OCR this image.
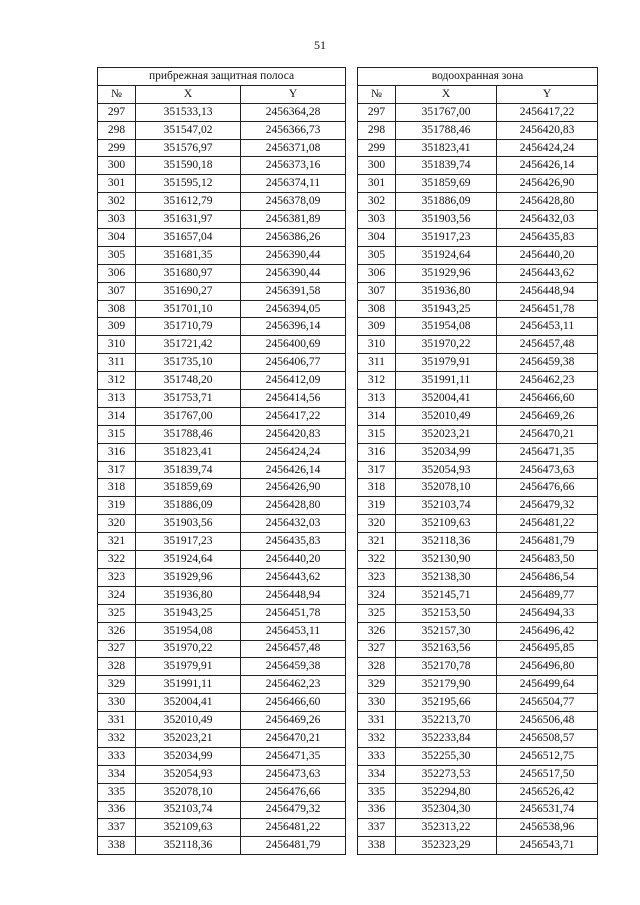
51
прибрежная защитная полоса				водоохранная зона		
№	X	Y		№	X	Y
297	351533,13	2456364,28		297	351767,00	2456417,22
298	351547,02	2456366,73		298	351788,46	2456420,83
299	351576,97	2456371,08		299	351823,41	2456424,24
300	351590,18	2456373,16		300	351839,74	2456426,14
301	351595,12	2456374,11		301	351859,69	2456426,90
302	351612,79	2456378,09		302	351886,09	2456428,80
303	351631,97	2456381,89		303	351903,56	2456432,03
304	351657,04	2456386,26		304	351917,23	2456435,83
305	351681,35	2456390,44		305	351924,64	2456440,20
306	351680,97	2456390,44		306	351929,96	2456443,62
307	351690,27	2456391,58		307	351936,80	2456448,94
308	351701,10	2456394,05		308	351943,25	2456451,78
309	351710,79	2456396,14		309	351954,08	2456453,11
310	351721,42	2456400,69		310	351970,22	2456457,48
311	351735,10	2456406,77		311	351979,91	2456459,38
312	351748,20	2456412,09		312	351991,11	2456462,23
313	351753,71	2456414,56		313	352004,41	2456466,60
314	351767,00	2456417,22		314	352010,49	2456469,26
315	351788,46	2456420,83		315	352023,21	2456470,21
316	351823,41	2456424,24		316	352034,99	2456471,35
317	351839,74	2456426,14		317	352054,93	2456473,63
318	351859,69	2456426,90		318	352078,10	2456476,66
319	351886,09	2456428,80		319	352103,74	2456479,32
320	351903,56	2456432,03		320	352109,63	2456481,22
321	351917,23	2456435,83		321	352118,36	2456481,79
322	351924,64	2456440,20		322	352130,90	2456483,50
323	351929,96	2456443,62		323	352138,30	2456486,54
324	351936,80	2456448,94		324	352145,71	2456489,77
325	351943,25	2456451,78		325	352153,50	2456494,33
326	351954,08	2456453,11		326	352157,30	2456496,42
327	351970,22	2456457,48		327	352163,56	2456495,85
328	351979,91	2456459,38		328	352170,78	2456496,80
329	351991,11	2456462,23		329	352179,90	2456499,64
330	352004,41	2456466,60		330	352195,66	2456504,77
331	352010,49	2456469,26		331	352213,70	2456506,48
332	352023,21	2456470,21		332	352233,84	2456508,57
333	352034,99	2456471,35		333	352255,30	2456512,75
334	352054,93	2456473,63		334	352273,53	2456517,50
335	352078,10	2456476,66		335	352294,80	2456526,42
336	352103,74	2456479,32		336	352304,30	2456531,74
337	352109,63	2456481,22		337	352313,22	2456538,96
338	352118,36	2456481,79		338	352323,29	2456543,71
